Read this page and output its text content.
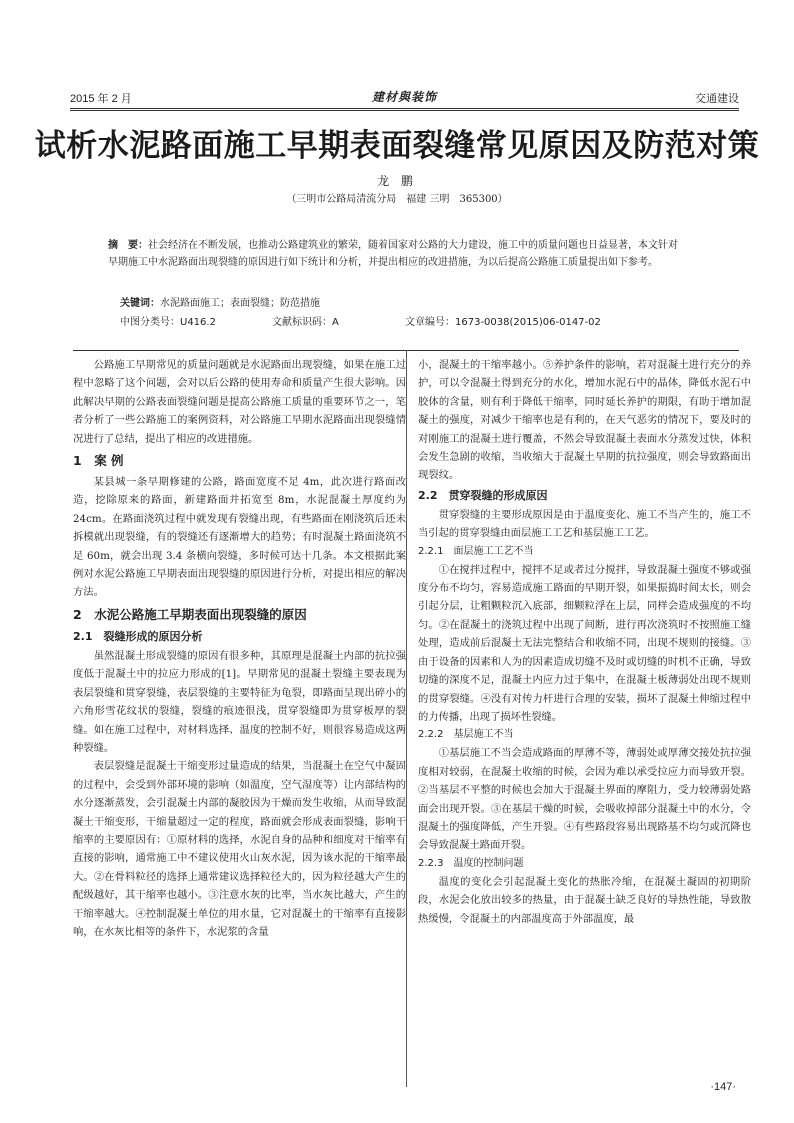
2015 年 2 月	建材與装饰	交通建设
试析水泥路面施工早期表面裂缝常见原因及防范对策
龙 鹏
（三明市公路局清流分局　福建 三明　365300）
摘　要：社会经济在不断发展，也推动公路建筑业的繁荣，随着国家对公路的大力建设，施工中的质量问题也日益显著，本文针对早期施工中水泥路面出现裂缝的原因进行如下统计和分析，并提出相应的改进措施，为以后提高公路施工质量提出如下参考。
关键词：水泥路面施工；表面裂缝；防范措施
中图分类号：U416.2	文献标识码：A	文章编号：1673-0038(2015)06-0147-02

公路施工早期常见的质量问题就是水泥路面出现裂缝，如果在施工过程中忽略了这个问题，会对以后公路的使用寿命和质量产生很大影响。因此解决早期的公路表面裂缝问题是提高公路施工质量的重要环节之一，笔者分析了一些公路施工的案例资料，对公路施工早期水泥路面出现裂缝情况进行了总结，提出了相应的改进措施。

1　案 例

某县城一条早期修建的公路，路面宽度不足 4m，此次进行路面改造，挖除原来的路面，新建路面并拓宽至 8m，水泥混凝土厚度约为 24cm。在路面浇筑过程中就发现有裂缝出现，有些路面在刚浇筑后还未拆模就出现裂缝，有的裂缝还有逐渐增大的趋势；有时混凝土路面浇筑不足 60m，就会出现 3.4 条横向裂缝，多时候可达十几条。本文根据此案例对水泥公路施工早期表面出现裂缝的原因进行分析，对提出相应的解决方法。

2　水泥公路施工早期表面出现裂缝的原因
2.1　裂缝形成的原因分析

虽然混凝土形成裂缝的原因有很多种，其原理是混凝土内部的抗拉强度低于混凝土中的拉应力形成的[1]。早期常见的混凝土裂缝主要表现为表层裂缝和贯穿裂缝，表层裂缝的主要特征为龟裂，即路面呈现出碎小的六角形雪花纹状的裂缝，裂缝的痕迹很浅，贯穿裂缝即为贯穿板厚的裂缝。如在施工过程中，对材料选择、温度的控制不好，则很容易造成这两种裂缝。

表层裂缝是混凝土干缩变形过量造成的结果，当混凝土在空气中凝固的过程中，会受到外部环境的影响（如温度，空气湿度等）让内部结构的水分逐渐蒸发，会引混凝土内部的凝胶因为干燥而发生收缩，从而导致混凝土干缩变形，干缩量超过一定的程度，路面就会形成表面裂缝，影响干缩率的主要原因有：①原材料的选择，水泥自身的品种和细度对干缩率有直接的影响，通常施工中不建议使用火山灰水泥，因为该水泥的干缩率最大。②在骨料粒径的选择上通常建议选择粒径大的，因为粒径越大产生的配级越好，其干缩率也越小。③注意水灰的比率，当水灰比越大，产生的干缩率越大。④控制混凝土单位的用水量，它对混凝土的干缩率有直接影响，在水灰比相等的条件下，水泥浆的含量

小，混凝土的干缩率越小。⑤养护条件的影响，若对混凝土进行充分的养护，可以令混凝土得到充分的水化，增加水泥石中的晶体，降低水泥石中胶体的含量，则有利于降低干缩率，同时延长养护的期限，有助于增加混凝土的强度，对减少干缩率也是有利的，在天气恶劣的情况下，要及时的对刚施工的混凝土进行覆盖，不然会导致混凝土表面水分蒸发过快，体积会发生急剧的收缩，当收缩大于混凝土早期的抗拉强度，则会导致路面出现裂纹。

2.2　贯穿裂缝的形成原因

贯穿裂缝的主要形成原因是由于温度变化、施工不当产生的，施工不当引起的贯穿裂缝由面层施工工艺和基层施工工艺。

2.2.1　面层施工工艺不当

①在搅拌过程中，搅拌不足或者过分搅拌，导致混凝土强度不够或强度分布不均匀，容易造成施工路面的早期开裂，如果振捣时间太长，则会引起分层，让粗颗粒沉入底部，细颗粒浮在上层，同样会造成强度的不均匀。②在混凝土的浇筑过程中出现了间断，进行再次浇筑时不按照施工缝处理，造成前后混凝土无法完整结合和收缩不同，出现不规则的接缝。③由于设备的因素和人为的因素造成切缝不及时或切缝的时机不正确，导致切缝的深度不足，混凝土内应力过于集中，在混凝土板薄弱处出现不规则的贯穿裂缝。④没有对传力杆进行合理的安装，损坏了混凝土伸缩过程中的力传播，出现了损坏性裂缝。

2.2.2　基层施工不当

①基层施工不当会造成路面的厚薄不等，薄弱处或厚薄交接处抗拉强度相对较弱，在混凝土收缩的时候，会因为难以承受拉应力而导致开裂。②当基层不平整的时候也会加大于混凝土界面的摩阻力，受力较薄弱处路面会出现开裂。③在基层干燥的时候，会吸收掉部分混凝土中的水分，令混凝土的强度降低，产生开裂。④有些路段容易出现路基不均匀或沉降也会导致混凝土路面开裂。

2.2.3　温度的控制问题

温度的变化会引起混凝土变化的热胀冷缩，在混凝土凝固的初期阶段，水泥会化放出较多的热量，由于混凝土缺乏良好的导热性能，导致散热缓慢，令混凝土的内部温度高于外部温度，最

·147·
